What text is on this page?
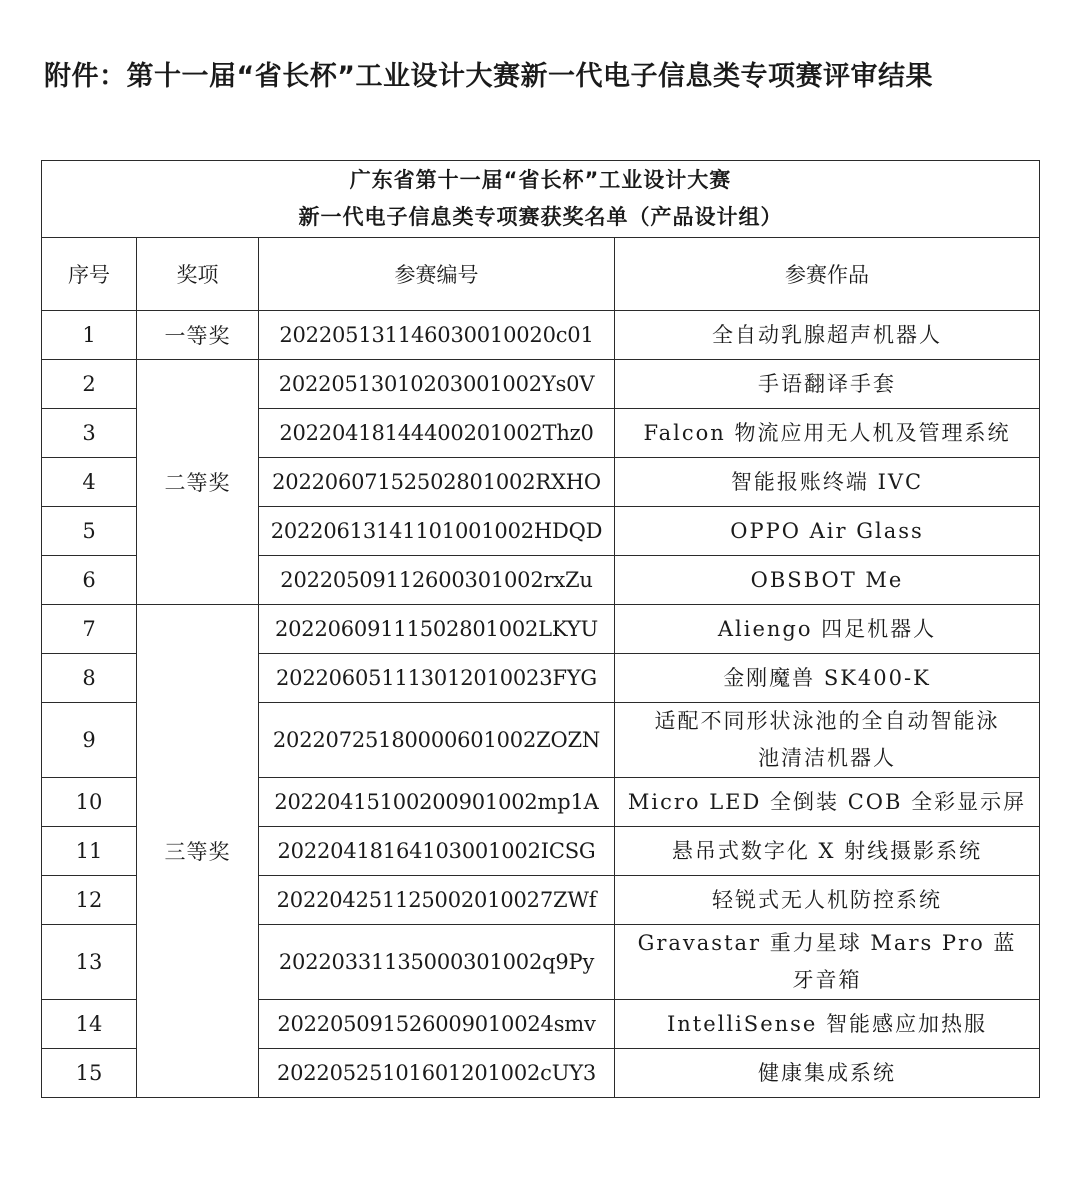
附件：第十一届“省长杯”工业设计大赛新一代电子信息类专项赛评审结果
广东省第十一届“省长杯”工业设计大赛
新一代电子信息类专项赛获奖名单（产品设计组）			

序号	奖项	参赛编号	参赛作品
1	一等奖	2022051311460300100​20c01	全自动乳腺超声机器人
2	二等奖	2022051301020300​1002Ys0V	手语翻译手套
3		20220418144400201002Thz0	Falcon 物流应用无人机及管理系统
4		20220607152502801002RXHO	智能报账终端 IVC
5		20220613141101001002HDQD	OPPO Air Glass
6		20220509112600301002rxZu	OBSBOT Me
7	三等奖	20220609111502801002LKYU	Aliengo 四足机器人
8		20220605111301201002​3FYG	金刚魔兽 SK400-K
9		20220725180000601002ZOZN	适配不同形状泳池的全自动智能泳
池清洁机器人

10		20220415100200901002mp1A	Micro LED 全倒装 COB 全彩显示屏
11		20220418164103001002ICSG	悬吊式数字化 X 射线摄影系统
12		20220425112500201002​7ZWf	轻锐式无人机防控系统
13		20220331135000301002q9Py	Gravastar 重力星球 Mars Pro 蓝
牙音箱

14		2022050915260090100​24smv	IntelliSense 智能感应加热服
15		20220525101601201002cUY3	健康集成系统
